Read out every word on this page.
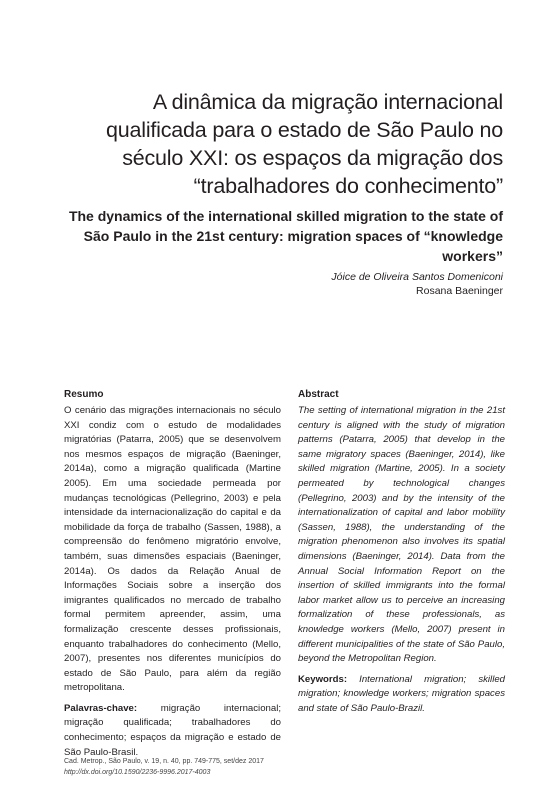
A dinâmica da migração internacional qualificada para o estado de São Paulo no século XXI: os espaços da migração dos “trabalhadores do conhecimento”
The dynamics of the international skilled migration to the state of São Paulo in the 21st century: migration spaces of “knowledge workers”
Jóice de Oliveira Santos Domeniconi
Rosana Baeninger
Resumo
O cenário das migrações internacionais no século XXI condiz com o estudo de modalidades migratórias (Patarra, 2005) que se desenvolvem nos mesmos espaços de migração (Baeninger, 2014a), como a migração qualificada (Martine 2005). Em uma sociedade permeada por mudanças tecnológicas (Pellegrino, 2003) e pela intensidade da internacionalização do capital e da mobilidade da força de trabalho (Sassen, 1988), a compreensão do fenômeno migratório envolve, também, suas dimensões espaciais (Baeninger, 2014a). Os dados da Relação Anual de Informações Sociais sobre a inserção dos imigrantes qualificados no mercado de trabalho formal permitem apreender, assim, uma formalização crescente desses profissionais, enquanto trabalhadores do conhecimento (Mello, 2007), presentes nos diferentes municípios do estado de São Paulo, para além da região metropolitana.
Palavras-chave: migração internacional; migração qualificada; trabalhadores do conhecimento; espaços da migração e estado de São Paulo-Brasil.
Abstract
The setting of international migration in the 21st century is aligned with the study of migration patterns (Patarra, 2005) that develop in the same migratory spaces (Baeninger, 2014), like skilled migration (Martine, 2005). In a society permeated by technological changes (Pellegrino, 2003) and by the intensity of the internationalization of capital and labor mobility (Sassen, 1988), the understanding of the migration phenomenon also involves its spatial dimensions (Baeninger, 2014). Data from the Annual Social Information Report on the insertion of skilled immigrants into the formal labor market allow us to perceive an increasing formalization of these professionals, as knowledge workers (Mello, 2007) present in different municipalities of the state of São Paulo, beyond the Metropolitan Region.
Keywords: International migration; skilled migration; knowledge workers; migration spaces and state of São Paulo-Brazil.
Cad. Metrop., São Paulo, v. 19, n. 40, pp. 749-775, set/dez 2017
http://dx.doi.org/10.1590/2236-9996.2017-4003
